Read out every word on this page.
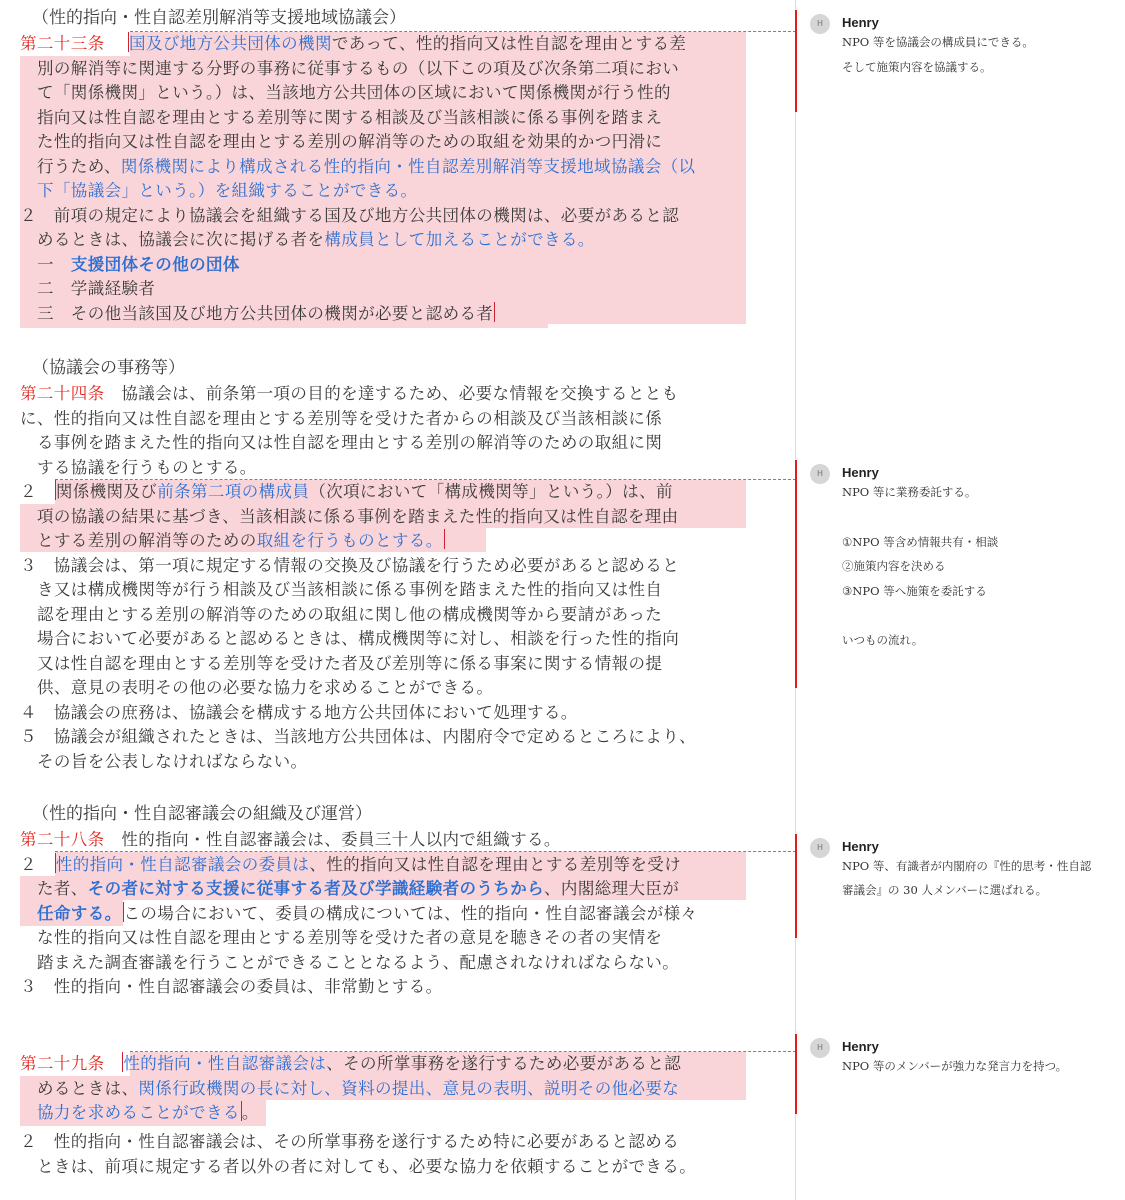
（性的指向・性自認差別解消等支援地域協議会）
第二十三条　 国及び地方公共団体の機関であって、性的指向又は性自認を理由とする差
別の解消等に関連する分野の事務に従事するもの（以下この項及び次条第二項におい
て「関係機関」という。）は、当該地方公共団体の区域において関係機関が行う性的
指向又は性自認を理由とする差別等に関する相談及び当該相談に係る事例を踏まえ
た性的指向又は性自認を理由とする差別の解消等のための取組を効果的かつ円滑に
行うため、関係機関により構成される性的指向・性自認差別解消等支援地域協議会（以
下「協議会」という。）を組織することができる。
２　前項の規定により協議会を組織する国及び地方公共団体の機関は、必要があると認
めるときは、協議会に次に掲げる者を構成員として加えることができる。
一　支援団体その他の団体
二　学識経験者
三　その他当該国及び地方公共団体の機関が必要と認める者
（協議会の事務等）
第二十四条　 協議会は、前条第一項の目的を達するため、必要な情報を交換するととも
に、性的指向又は性自認を理由とする差別等を受けた者からの相談及び当該相談に係
る事例を踏まえた性的指向又は性自認を理由とする差別の解消等のための取組に関
する協議を行うものとする。
２　関係機関及び前条第二項の構成員（次項において「構成機関等」という。）は、前
項の協議の結果に基づき、当該相談に係る事例を踏まえた性的指向又は性自認を理由
とする差別の解消等のための取組を行うものとする。
３　協議会は、第一項に規定する情報の交換及び協議を行うため必要があると認めると
き又は構成機関等が行う相談及び当該相談に係る事例を踏まえた性的指向又は性自
認を理由とする差別の解消等のための取組に関し他の構成機関等から要請があった
場合において必要があると認めるときは、構成機関等に対し、相談を行った性的指向
又は性自認を理由とする差別等を受けた者及び差別等に係る事案に関する情報の提
供、意見の表明その他の必要な協力を求めることができる。
４　協議会の庶務は、協議会を構成する地方公共団体において処理する。
５　協議会が組織されたときは、当該地方公共団体は、内閣府令で定めるところにより、
その旨を公表しなければならない。
（性的指向・性自認審議会の組織及び運営）
第二十八条　 性的指向・性自認審議会は、委員三十人以内で組織する。
２　性的指向・性自認審議会の委員は、性的指向又は性自認を理由とする差別等を受け
た者、その者に対する支援に従事する者及び学識経験者のうちから、内閣総理大臣が
任命する。 この場合において、委員の構成については、性的指向・性自認審議会が様々
な性的指向又は性自認を理由とする差別等を受けた者の意見を聴きその者の実情を
踏まえた調査審議を行うことができることとなるよう、配慮されなければならない。
３　性的指向・性自認審議会の委員は、非常勤とする。
第二十九条　 性的指向・性自認審議会は、その所掌事務を遂行するため必要があると認
めるときは、関係行政機関の長に対し、資料の提出、意見の表明、説明その他必要な
協力を求めることができる 。
２　性的指向・性自認審議会は、その所掌事務を遂行するため特に必要があると認める
ときは、前項に規定する者以外の者に対しても、必要な協力を依頼することができる。
H	Henry
NPO 等を協議会の構成員にできる。
そして施策内容を協議する。
H	Henry
NPO 等に業務委託する。
①NPO 等含め情報共有・相談
②施策内容を決める
③NPO 等へ施策を委託する
いつもの流れ。
H	Henry
NPO 等、有識者が内閣府の『性的思考・性自認
審議会』の 30 人メンバーに選ばれる。
H	Henry
NPO 等のメンバーが強力な発言力を持つ。
